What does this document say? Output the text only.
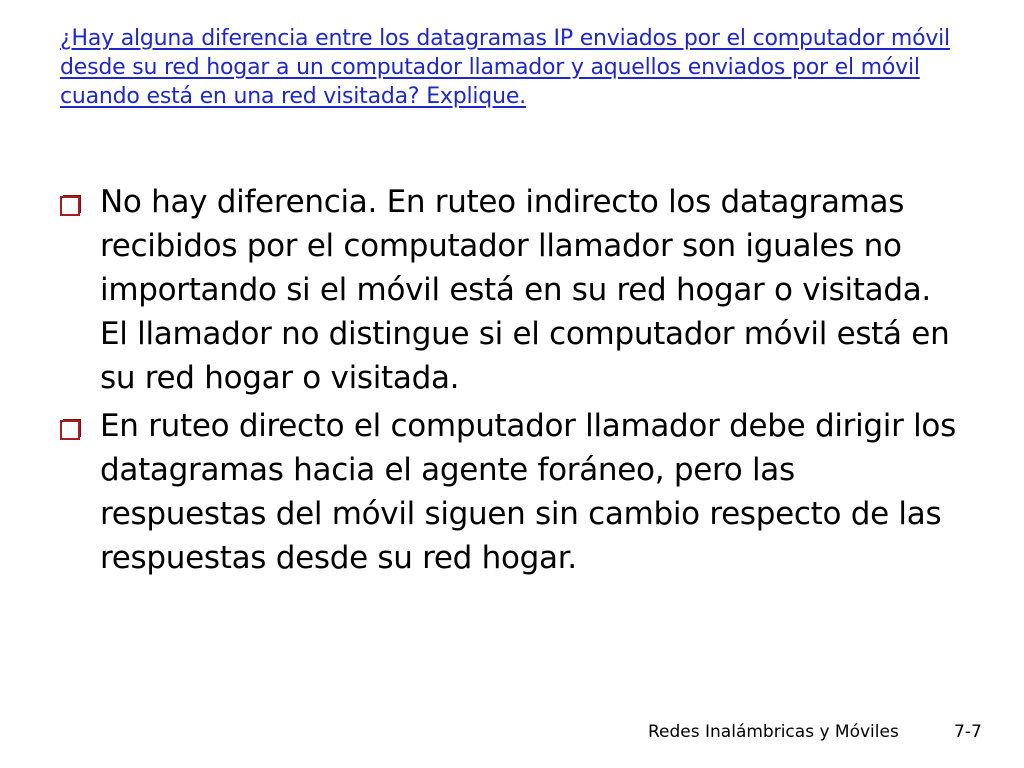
¿Hay alguna diferencia entre los datagramas IP enviados por el computador móvil desde su red hogar a un computador llamador y aquellos enviados por el móvil cuando está en una red visitada? Explique.
No hay diferencia. En ruteo indirecto los datagramas recibidos por el computador llamador son iguales no importando si el móvil está en su red hogar o visitada. El llamador no distingue si el computador móvil está en su red hogar o visitada.
En ruteo directo el computador llamador debe dirigir los datagramas hacia el agente foráneo, pero las respuestas del móvil siguen sin cambio respecto de las respuestas desde su red hogar.
Redes Inalámbricas y Móviles	7-7
